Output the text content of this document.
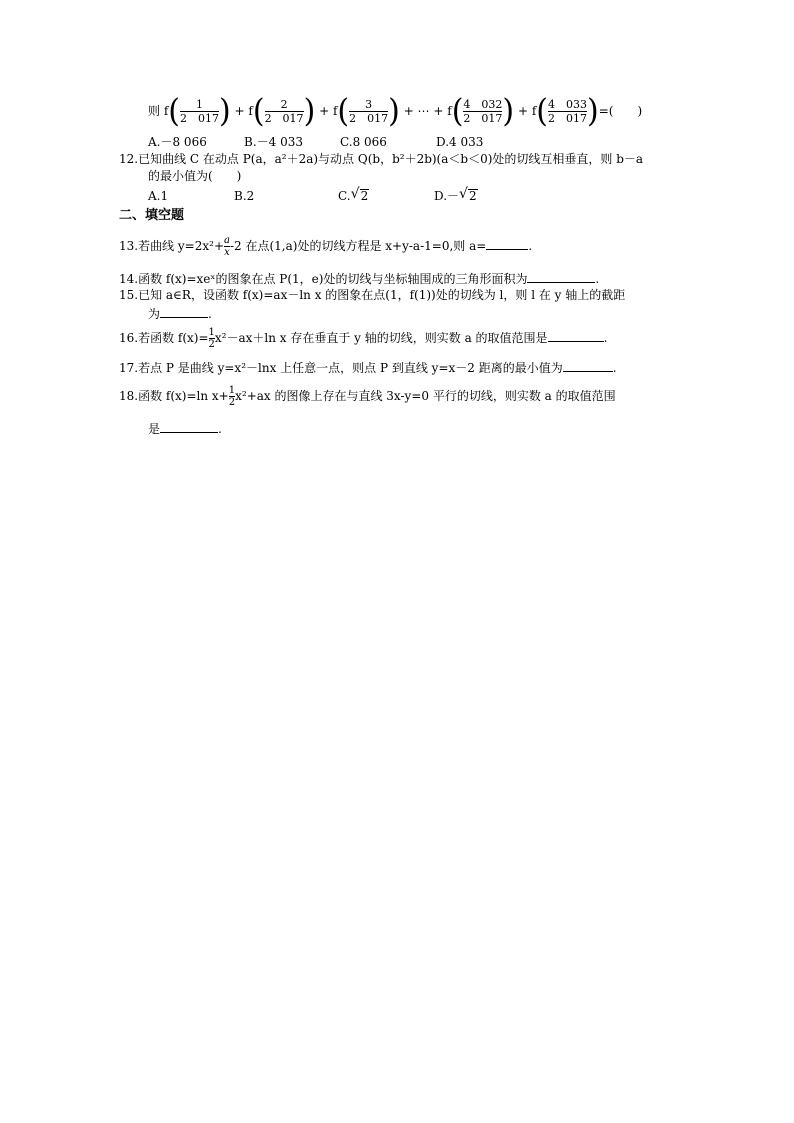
则 $f( \frac{1}{2 017}$ ) + $f( \frac{2}{2 017}$ ) + $f( \frac{3}{2 017}$ ) + ⋯ + $f( \frac{4 032}{2 017}$ ) + $f( \frac{4 033}{2 017}$ )=(　　)
A.－8 066	B.－4 033	C.8 066	D.4 033
12.已知曲线 C 在动点 P(a，a²＋2a)与动点 Q(b，b²＋2b)(a＜b＜0)处的切线互相垂直，则 b－a
的最小值为(　　)
A.1	B.2	C. √ 2	D.－ √ 2
二、填空题
13.若曲线 $y=2x^2+ \frac{a}{x} -2$ 在点(1,a)处的切线方程是 x+y-a-1=0,则 a=	.
14.函数 f(x)=xeˣ的图象在点 P(1，e)处的切线与坐标轴围成的三角形面积为	.
15.已知 a∈R，设函数 f(x)=ax－ln x 的图象在点(1，f(1))处的切线为 l，则 l 在 y 轴上的截距
为	.
16.若函数 $f(x)= \frac{1}{2} x^2-ax+\ln$ x 存在垂直于 y 轴的切线，则实数 a 的取值范围是	.
17.若点 P 是曲线 y=x²－lnx 上任意一点，则点 P 到直线 y=x－2 距离的最小值为	.
18.函数 f(x)=ln $x+ \frac{1}{2} x^2+ax$ 的图像上存在与直线 3x-y=0 平行的切线，则实数 a 的取值范围
是	.
